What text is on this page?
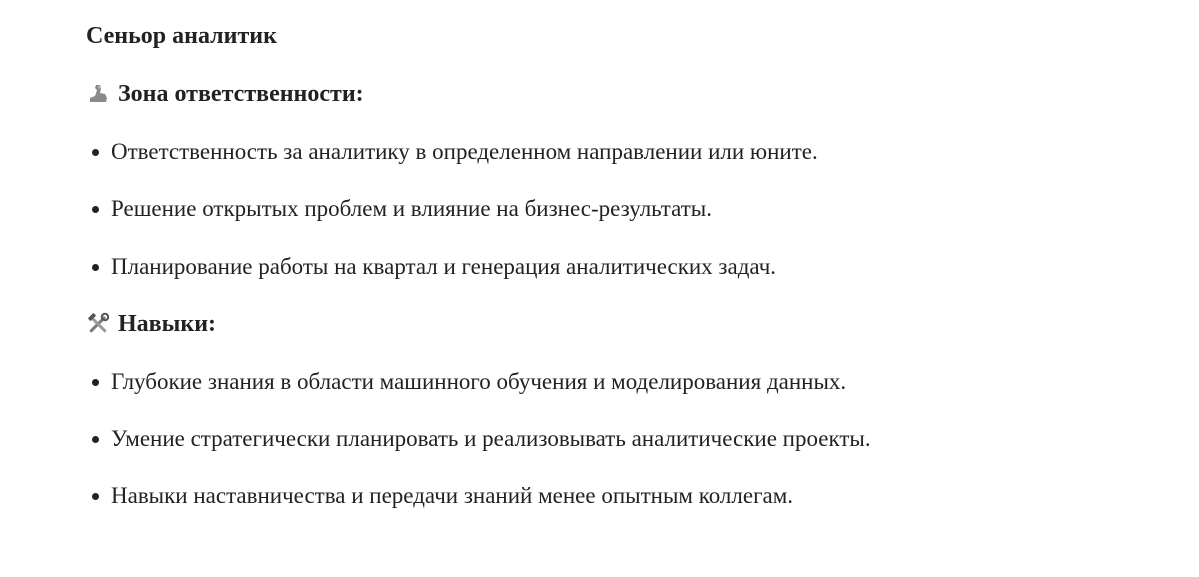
Сеньор аналитик
Зона ответственности:
Ответственность за аналитику в определенном направлении или юните.
Решение открытых проблем и влияние на бизнес-результаты.
Планирование работы на квартал и генерация аналитических задач.
Навыки:
Глубокие знания в области машинного обучения и моделирования данных.
Умение стратегически планировать и реализовывать аналитические проекты.
Навыки наставничества и передачи знаний менее опытным коллегам.
